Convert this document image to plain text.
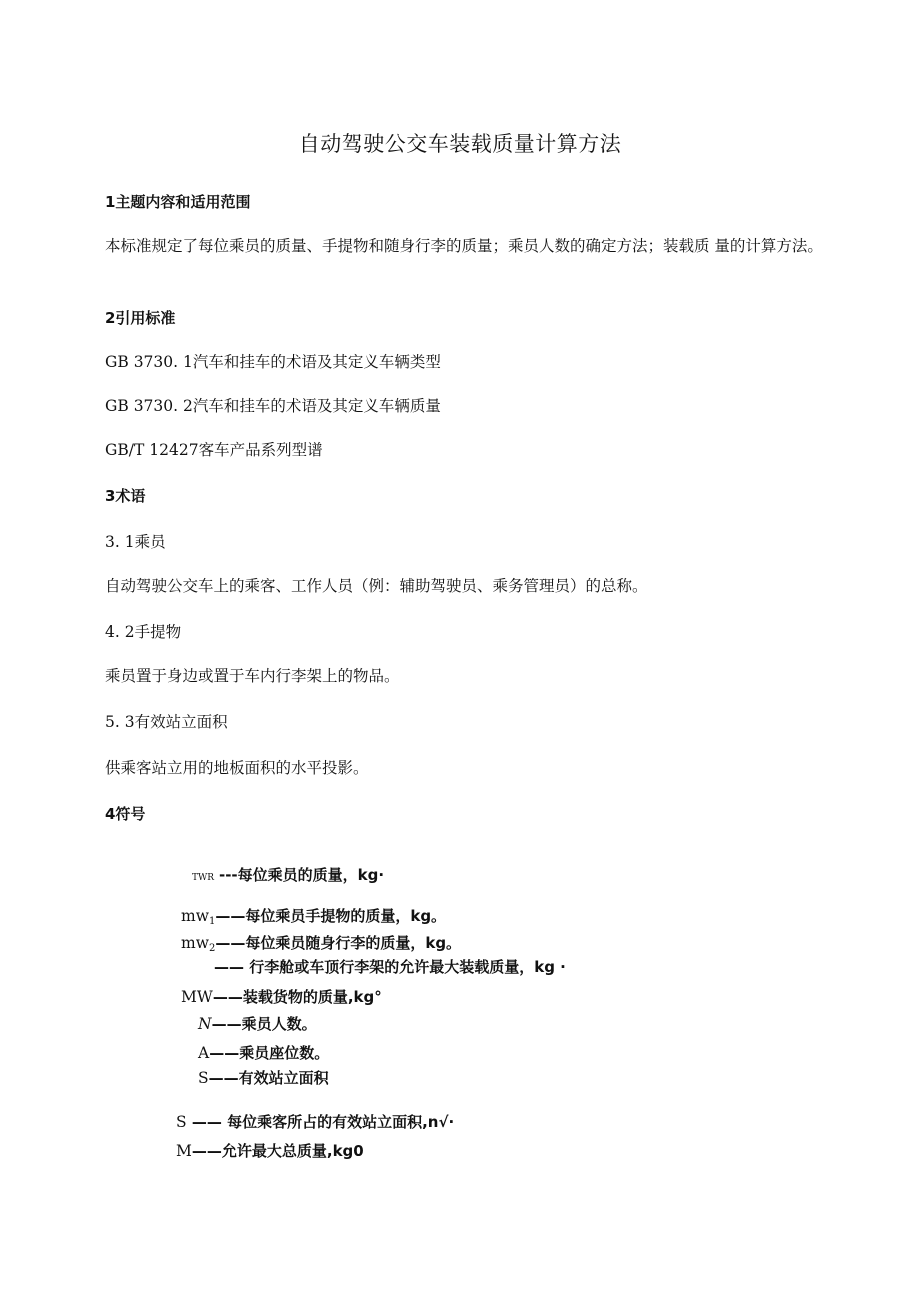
自动驾驶公交车装载质量计算方法
1主题内容和适用范围
本标准规定了每位乘员的质量、手提物和随身行李的质量；乘员人数的确定方法；装载质 量的计算方法。
2引用标准
GB 3730. 1汽车和挂车的术语及其定义车辆类型
GB 3730. 2汽车和挂车的术语及其定义车辆质量
GB/T 12427客车产品系列型谱
3术语
3. 1乘员
自动驾驶公交车上的乘客、工作人员（例：辅助驾驶员、乘务管理员）的总称。
4. 2手提物
乘员置于身边或置于车内行李架上的物品。
5. 3有效站立面积
供乘客站立用的地板面积的水平投影。
4符号
TWR ---每位乘员的质量，kg·
$mw_1——$每位乘员手提物的质量，kg。
$mw_2——$每位乘员随身行李的质量，kg。
—— 行李舱或车顶行李架的允许最大装载质量，kg ·
MW——装载货物的质量,kg°
N——乘员人数。
A——乘员座位数。
S——有效站立面积
S —— 每位乘客所占的有效站立面积,n√·
M——允许最大总质量,kg0
